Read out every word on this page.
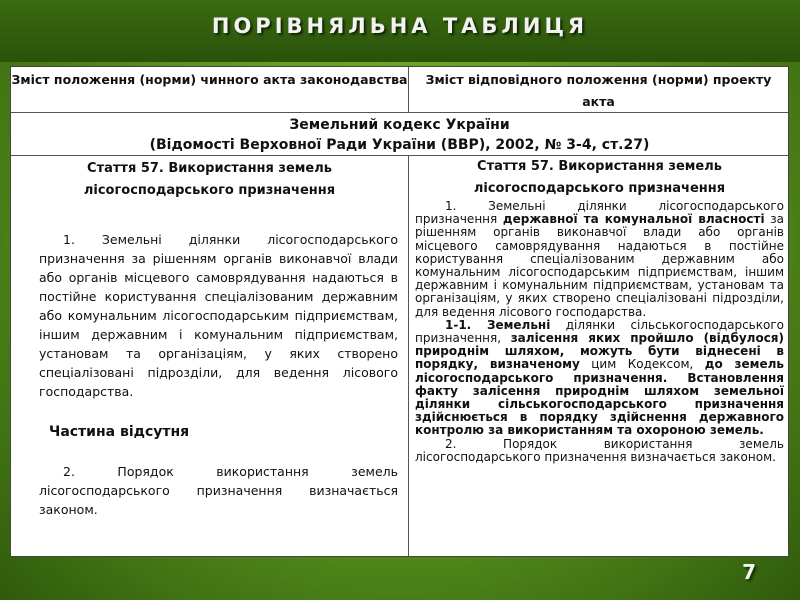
ПОРІВНЯЛЬНА ТАБЛИЦЯ
Зміст положення (норми) чинного акта законодавства	Зміст відповідного положення (норми) проекту акта
Земельний кодекс України
(Відомості Верховної Ради України (ВВР), 2002, № 3-4, ст.27)
Стаття 57. Використання земель лісогосподарського призначення

1. Земельні ділянки лісогосподарського призначення за рішенням органів виконавчої влади або органів місцевого самоврядування надаються в постійне користування спеціалізованим державним або комунальним лісогосподарським підприємствам, іншим державним і комунальним підприємствам, установам та організаціям, у яких створено спеціалізовані підрозділи, для ведення лісового господарства.

Частина відсутня

2. Порядок використання земель лісогосподарського призначення визначається законом.

Стаття 57. Використання земель лісогосподарського призначення

1. Земельні ділянки лісогосподарського призначення державної та комунальної власності за рішенням органів виконавчої влади або органів місцевого самоврядування надаються в постійне користування спеціалізованим державним або комунальним лісогосподарським підприємствам, іншим державним і комунальним підприємствам, установам та організаціям, у яких створено спеціалізовані підрозділи, для ведення лісового господарства.

1-1. Земельні ділянки сільськогосподарського призначення, залісення яких пройшло (відбулося) природнім шляхом, можуть бути віднесені в порядку, визначеному цим Кодексом, до земель лісогосподарського призначення. Встановлення факту залісення природнім шляхом земельної ділянки сільськогосподарського призначення здійснюється в порядку здійснення державного контролю за використанням та охороною земель.

2. Порядок використання земель лісогосподарського призначення визначається законом.

7
